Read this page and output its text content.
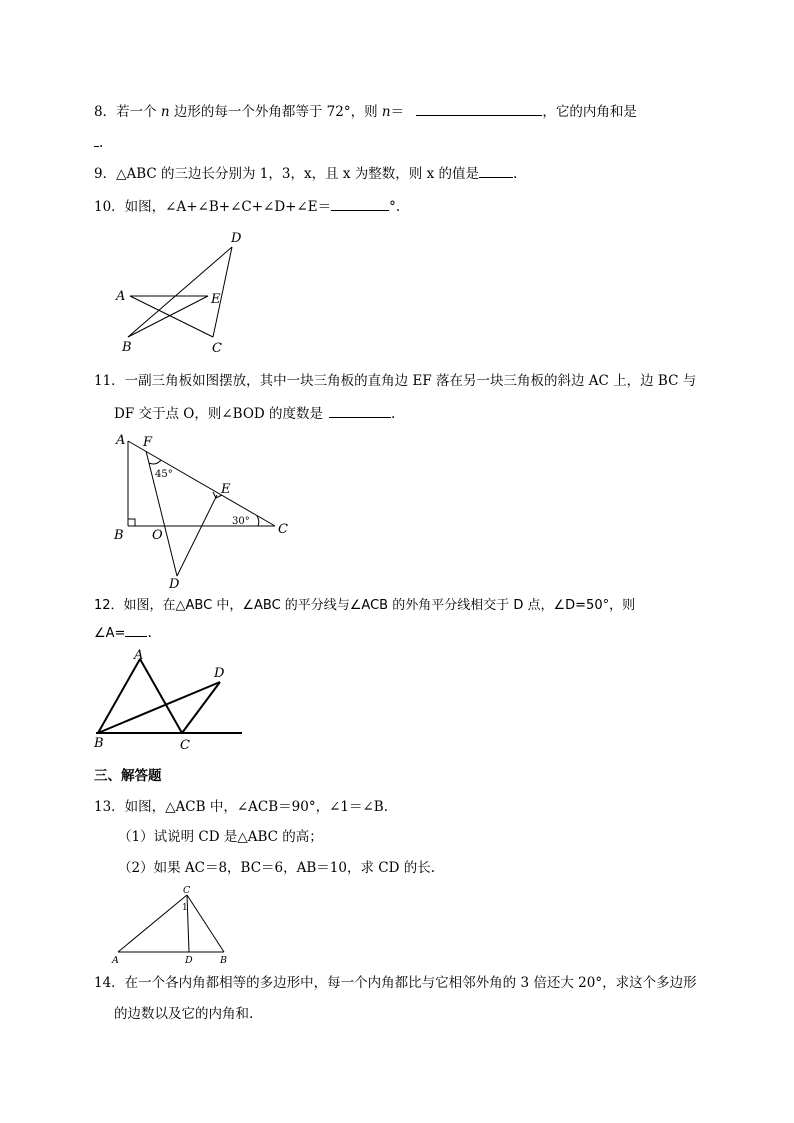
8．若一个 n 边形的每一个外角都等于 72°，则 n＝	，它的内角和是
.
9．△ABC 的三边长分别为 1，3，x，且 x 为整数，则 x 的值是	.
10．如图，∠A+∠B+∠C+∠D+∠E＝	°.
A
B	C
D
E
11．一副三角板如图摆放，其中一块三角板的直角边 EF 落在另一块三角板的斜边 AC 上，边 BC 与
DF 交于点 O，则∠BOD 的度数是	.
A F
B O	C
E
D
45°
30°
12．如图，在△ABC 中，∠ABC 的平分线与∠ACB 的外角平分线相交于 D 点，∠D=50°，则
∠A= .
A
B	C
D
三、解答题
13．如图，△ACB 中，∠ACB＝90°，∠1＝∠B.
（1）试说明 CD 是△ABC 的高；
（2）如果 AC＝8，BC＝6，AB＝10，求 CD 的长.
C
1
A	D	B
14．在一个各内角都相等的多边形中，每一个内角都比与它相邻外角的 3 倍还大 20°，求这个多边形
的边数以及它的内角和.
